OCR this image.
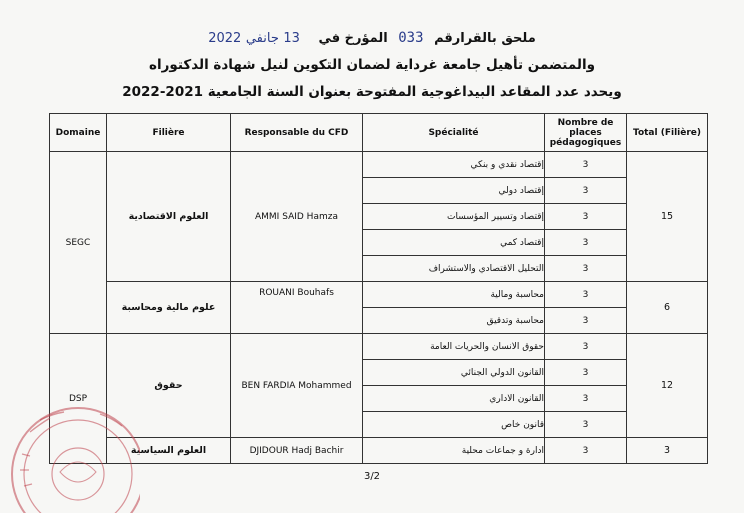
ملحق بالقرارقم 033 المؤرخ في 13 جانفي 2022
والمتضمن تأهيل جامعة غرداية لضمان التكوين لنيل شهادة الدكتوراه
ويحدد عدد المقاعد البيداغوجية المفتوحة بعنوان السنة الجامعية 2021-2022
Domaine	Filière	Responsable du CFD	Spécialité	Nombre de places pédagogiques	Total (Filière)
SEGC	العلوم الاقتصادية	AMMI SAID Hamza	إقتصاد نقدي و بنكي	3	15
			إقتصاد دولي	3	
			إقتصاد وتسيير المؤسسات	3	
			إقتصاد كمي	3	
			التحليل الاقتصادي والاستشراف	3	
	علوم مالية ومحاسبة	ROUANI Bouhafs	محاسبة ومالية	3	6
			محاسبة وتدقيق	3	
DSP	حقوق	BEN FARDIA Mohammed	حقوق الانسان والحريات العامة	3	12
			القانون الدولي الجنائي	3	
			القانون الاداري	3	
			قانون خاص	3	
	العلوم السياسية	DJIDOUR Hadj Bachir	ادارة و جماعات محلية	3	3
3/2
